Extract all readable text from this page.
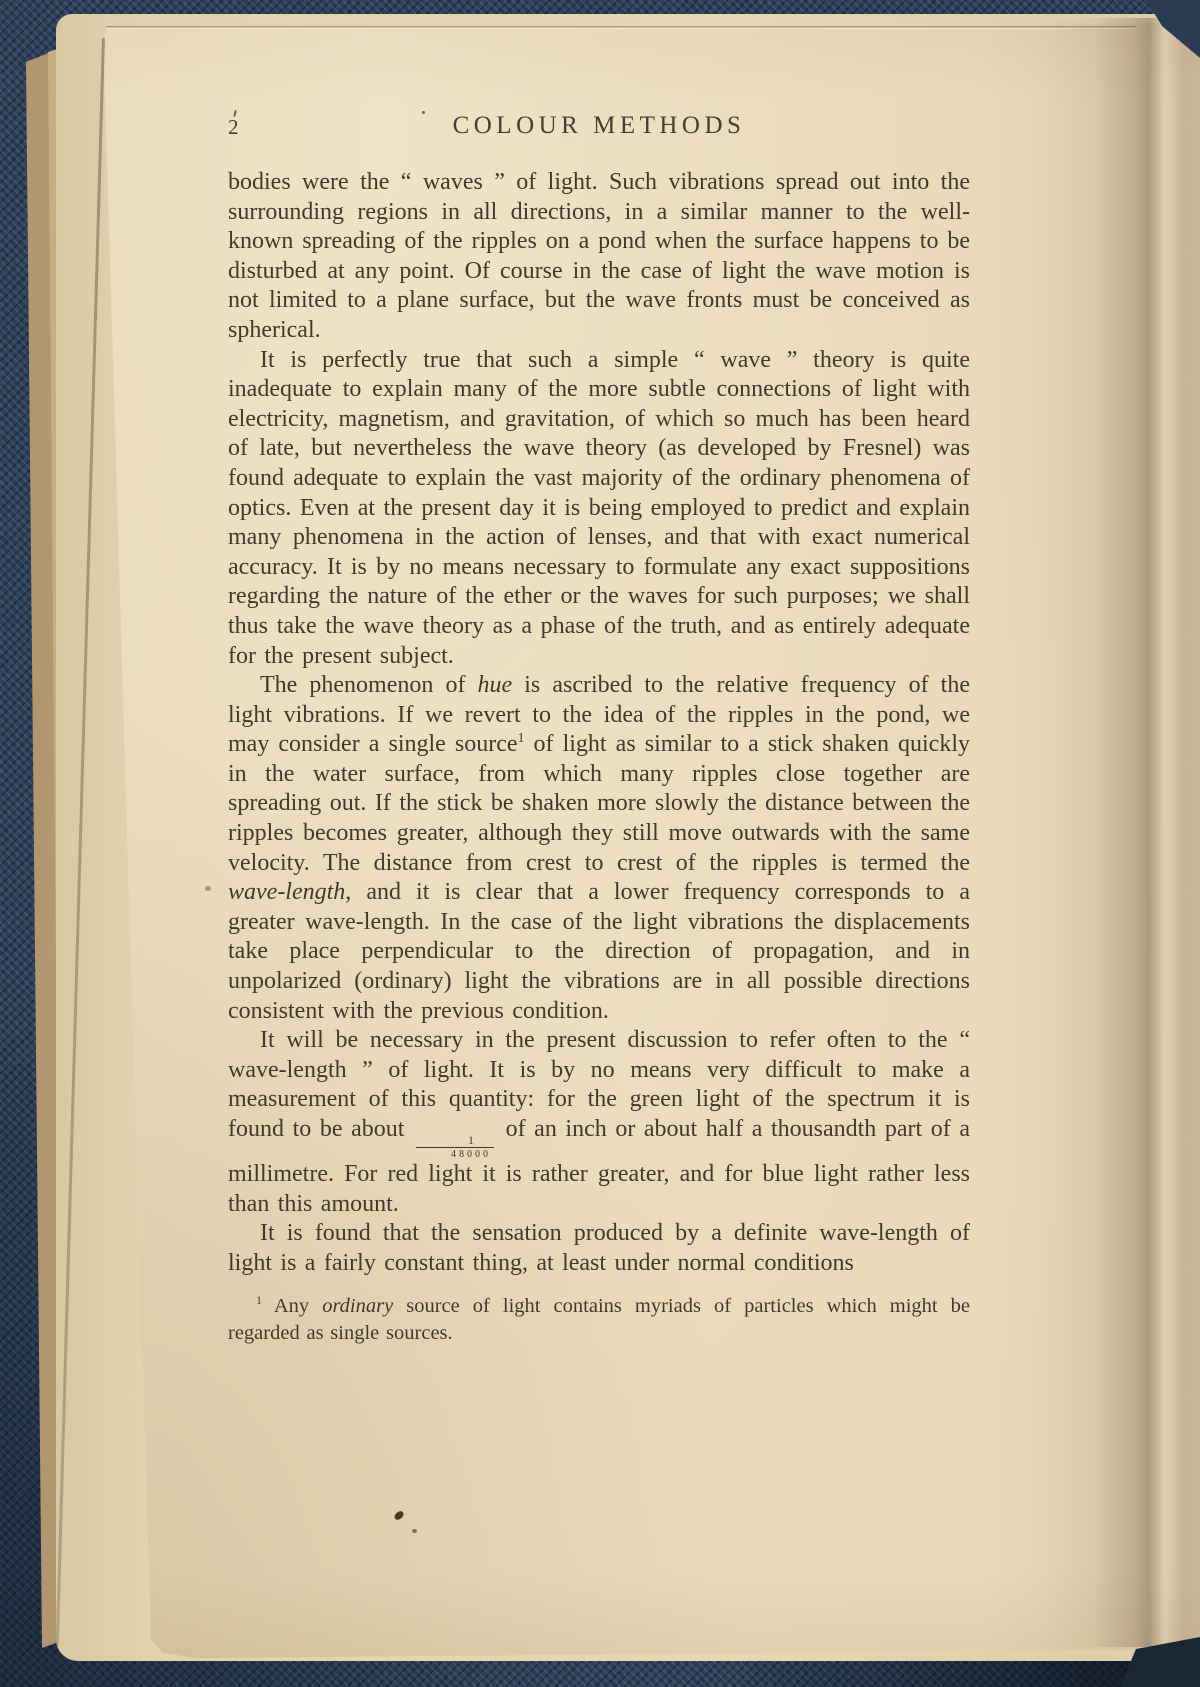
2	COLOUR METHODS

bodies were the “ waves ” of light. Such vibrations spread out into the surrounding regions in all directions, in a similar manner to the well-known spreading of the ripples on a pond when the surface happens to be disturbed at any point. Of course in the case of light the wave motion is not limited to a plane surface, but the wave fronts must be conceived as spherical.

It is perfectly true that such a simple “ wave ” theory is quite inadequate to explain many of the more subtle connections of light with electricity, magnetism, and gravitation, of which so much has been heard of late, but nevertheless the wave theory (as developed by Fresnel) was found adequate to explain the vast majority of the ordinary phenomena of optics. Even at the present day it is being employed to predict and explain many phenomena in the action of lenses, and that with exact numerical accuracy. It is by no means necessary to formulate any exact suppositions regarding the nature of the ether or the waves for such purposes; we shall thus take the wave theory as a phase of the truth, and as entirely adequate for the present subject.

The phenomenon of hue is ascribed to the relative frequency of the light vibrations. If we revert to the idea of the ripples in the pond, we may consider a single source$^1$ of light as similar to a stick shaken quickly in the water surface, from which many ripples close together are spreading out. If the stick be shaken more slowly the distance between the ripples becomes greater, although they still move outwards with the same velocity. The distance from crest to crest of the ripples is termed the wave-length, and it is clear that a lower frequency corresponds to a greater wave-length. In the case of the light vibrations the displacements take place perpendicular to the direction of propagation, and in unpolarized (ordinary) light the vibrations are in all possible directions consistent with the previous condition.

It will be necessary in the present discussion to refer often to the “ wave-length ” of light. It is by no means very difficult to make a measurement of this quantity: for the green light of the spectrum it is found to be about
$\frac{1}{48000}$
of an inch or about half a thousandth part of a millimetre. For red light it is rather greater, and for blue light rather less than this amount.

It is found that the sensation produced by a definite wave-length of light is a fairly constant thing, at least under normal conditions

$^1$ Any ordinary source of light contains myriads of particles which might be regarded as single sources.
